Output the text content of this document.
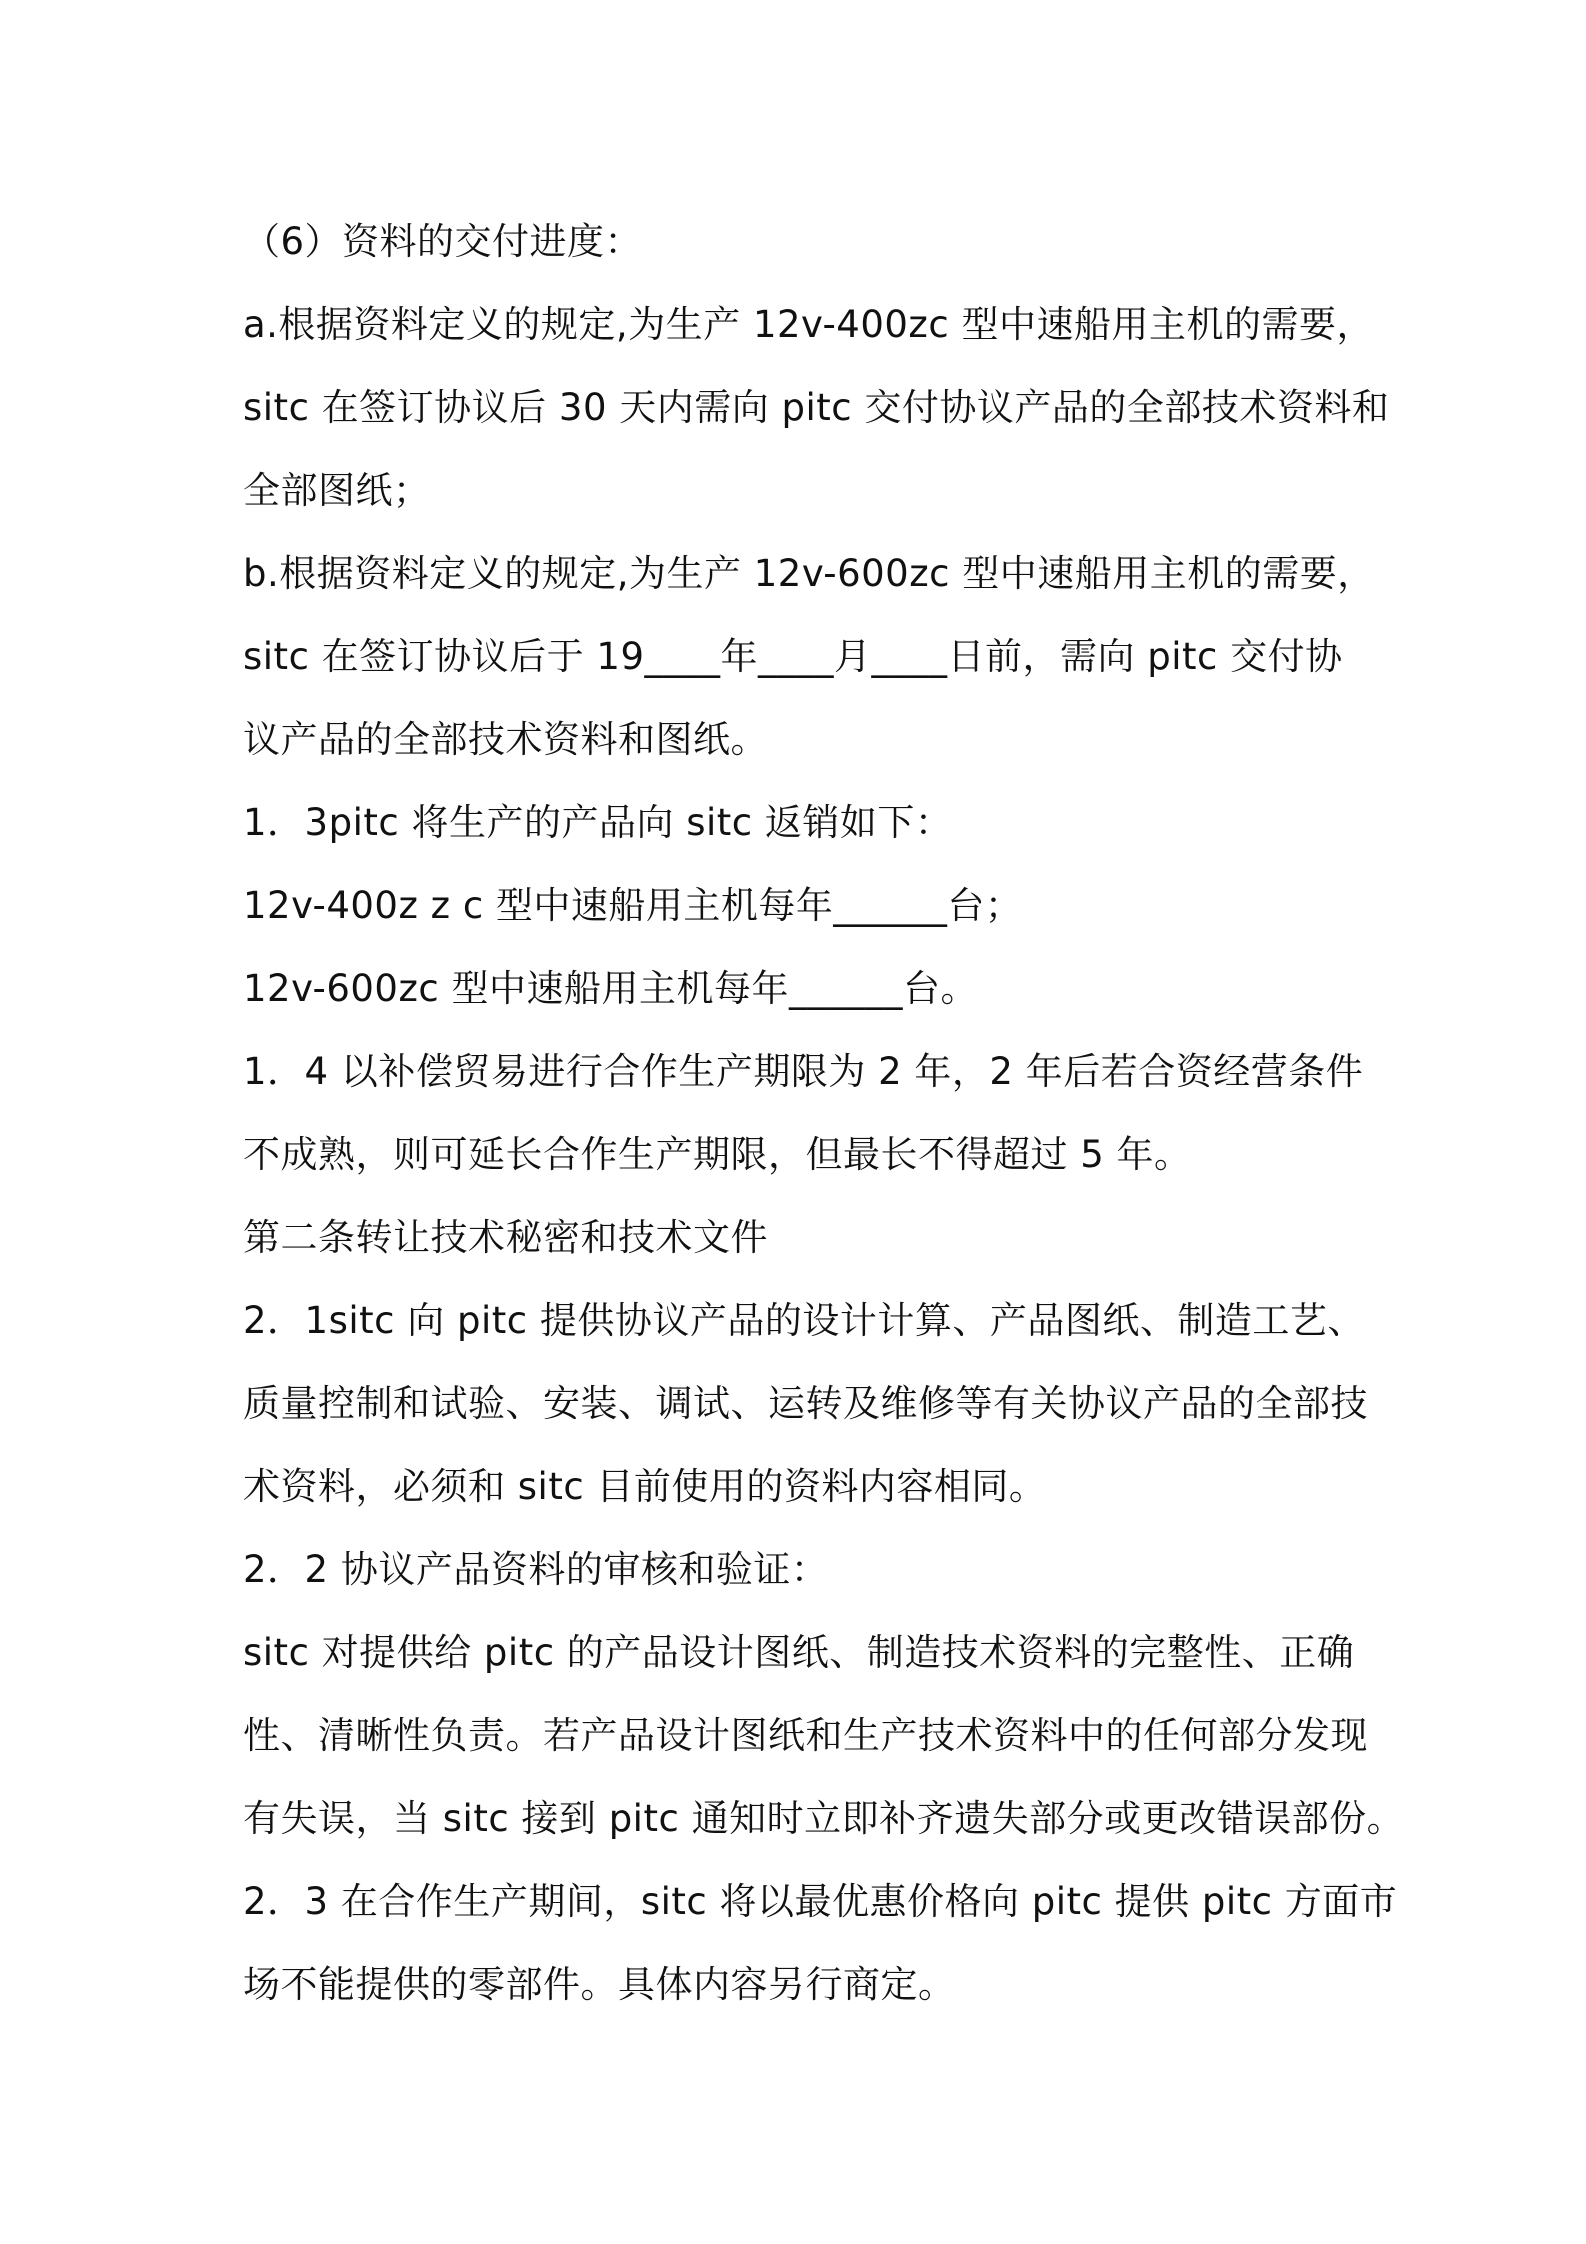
（6）资料的交付进度：
a.根据资料定义的规定,为生产 12v-400zc 型中速船用主机的需要，
sitc 在签订协议后 30 天内需向 pitc 交付协议产品的全部技术资料和
全部图纸；
b.根据资料定义的规定,为生产 12v-600zc 型中速船用主机的需要，
sitc 在签订协议后于 19____年____月____日前，需向 pitc 交付协
议产品的全部技术资料和图纸。
1．3pitc 将生产的产品向 sitc 返销如下：
12v-400z z c 型中速船用主机每年______台；
12v-600zc 型中速船用主机每年______台。
1．4 以补偿贸易进行合作生产期限为 2 年，2 年后若合资经营条件
不成熟，则可延长合作生产期限，但最长不得超过 5 年。
第二条转让技术秘密和技术文件
2．1sitc 向 pitc 提供协议产品的设计计算、产品图纸、制造工艺、
质量控制和试验、安装、调试、运转及维修等有关协议产品的全部技
术资料，必须和 sitc 目前使用的资料内容相同。
2．2 协议产品资料的审核和验证：
sitc 对提供给 pitc 的产品设计图纸、制造技术资料的完整性、正确
性、清晰性负责。若产品设计图纸和生产技术资料中的任何部分发现
有失误，当 sitc 接到 pitc 通知时立即补齐遗失部分或更改错误部份。
2．3 在合作生产期间，sitc 将以最优惠价格向 pitc 提供 pitc 方面市
场不能提供的零部件。具体内容另行商定。
